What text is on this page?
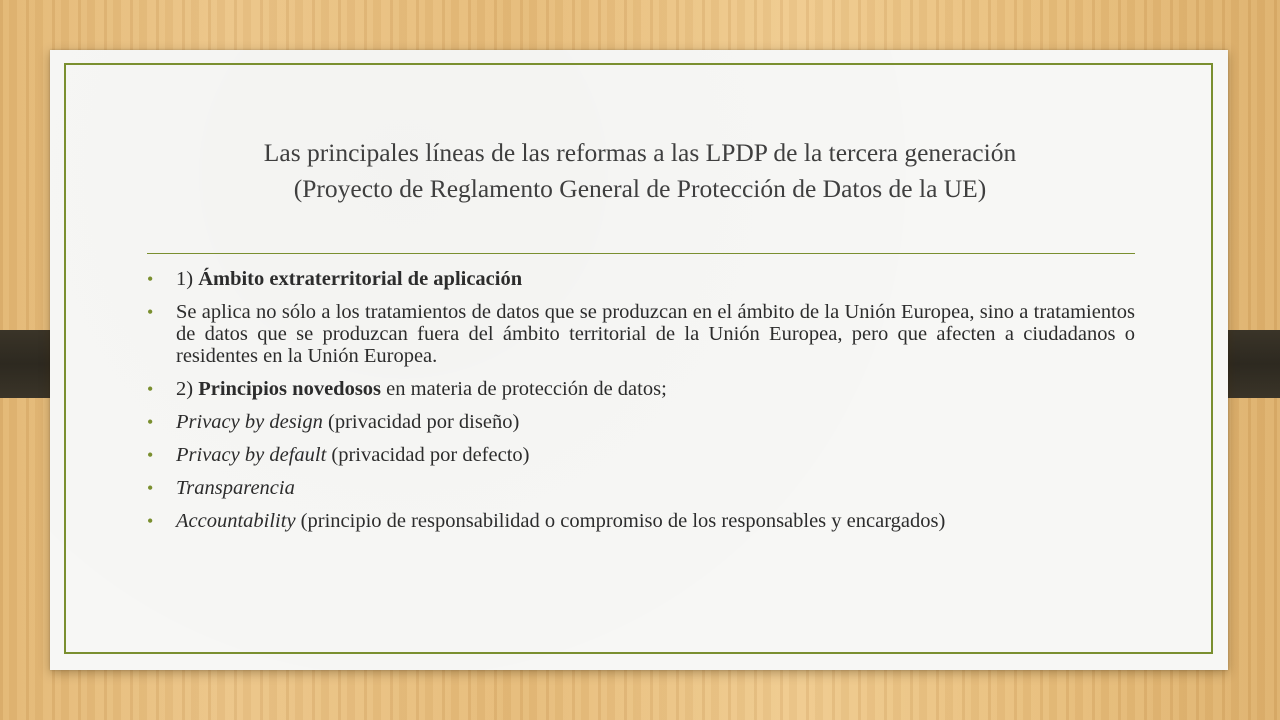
Las principales líneas de las reformas a las LPDP de la tercera generación
(Proyecto de Reglamento General de Protección de Datos de la UE)
• 1) Ámbito extraterritorial de aplicación
• Se aplica no sólo a los tratamientos de datos que se produzcan en el ámbito de la Unión Europea, sino a tratamientos de datos que se produzcan fuera del ámbito territorial de la Unión Europea, pero que afecten a ciudadanos o residentes en la Unión Europea.
• 2) Principios novedosos en materia de protección de datos;
• Privacy by design (privacidad por diseño)
• Privacy by default (privacidad por defecto)
• Transparencia
• Accountability (principio de responsabilidad o compromiso de los responsables y encargados)
